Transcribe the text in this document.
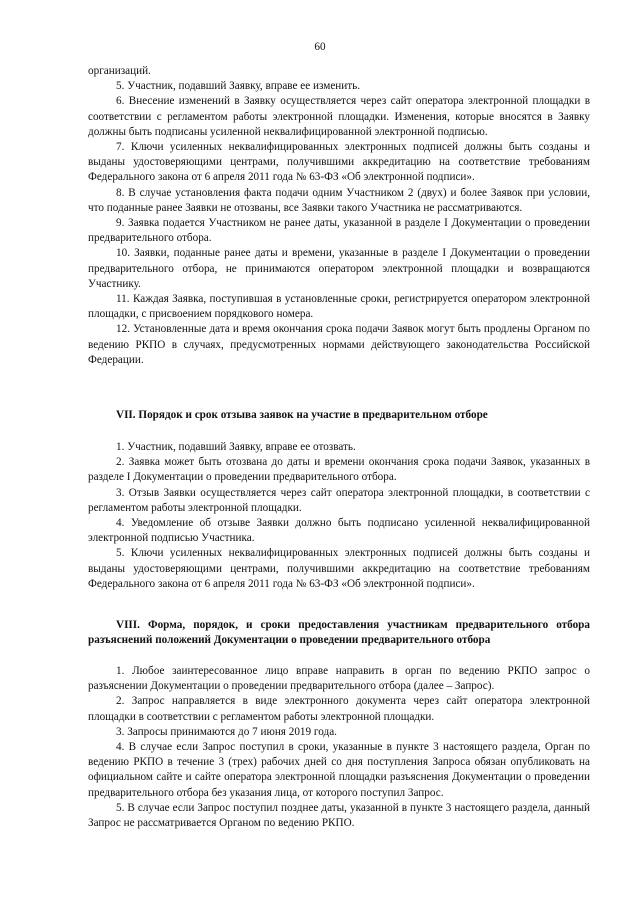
60

организаций.

5. Участник, подавший Заявку, вправе ее изменить.

6. Внесение изменений в Заявку осуществляется через сайт оператора электронной площадки в соответствии с регламентом работы электронной площадки. Изменения, которые вносятся в Заявку должны быть подписаны усиленной неквалифицированной электронной подписью.

7. Ключи усиленных неквалифицированных электронных подписей должны быть созданы и выданы удостоверяющими центрами, получившими аккредитацию на соответствие требованиям Федерального закона от 6 апреля 2011 года № 63-ФЗ «Об электронной подписи».

8. В случае установления факта подачи одним Участником 2 (двух) и более Заявок при условии, что поданные ранее Заявки не отозваны, все Заявки такого Участника не рассматриваются.

9. Заявка подается Участником не ранее даты, указанной в разделе I Документации о проведении предварительного отбора.

10. Заявки, поданные ранее даты и времени, указанные в разделе I Документации о проведении предварительного отбора, не принимаются оператором электронной площадки и возвращаются Участнику.

11. Каждая Заявка, поступившая в установленные сроки, регистрируется оператором электронной площадки, с присвоением порядкового номера.

12. Установленные дата и время окончания срока подачи Заявок могут быть продлены Органом по ведению РКПО в случаях, предусмотренных нормами действующего законодательства Российской Федерации.

VII. Порядок и срок отзыва заявок на участие в предварительном отборе

1. Участник, подавший Заявку, вправе ее отозвать.

2. Заявка может быть отозвана до даты и времени окончания срока подачи Заявок, указанных в разделе I Документации о проведении предварительного отбора.

3. Отзыв Заявки осуществляется через сайт оператора электронной площадки, в соответствии с регламентом работы электронной площадки.

4. Уведомление об отзыве Заявки должно быть подписано усиленной неквалифицированной электронной подписью Участника.

5. Ключи усиленных неквалифицированных электронных подписей должны быть созданы и выданы удостоверяющими центрами, получившими аккредитацию на соответствие требованиям Федерального закона от 6 апреля 2011 года № 63-ФЗ «Об электронной подписи».

VIII. Форма, порядок, и сроки предоставления участникам предварительного отбора разъяснений положений Документации о проведении предварительного отбора

1. Любое заинтересованное лицо вправе направить в орган по ведению РКПО запрос о разъяснении Документации о проведении предварительного отбора (далее – Запрос).

2. Запрос направляется в виде электронного документа через сайт оператора электронной площадки в соответствии с регламентом работы электронной площадки.

3. Запросы принимаются до 7 июня 2019 года.

4. В случае если Запрос поступил в сроки, указанные в пункте 3 настоящего раздела, Орган по ведению РКПО в течение 3 (трех) рабочих дней со дня поступления Запроса обязан опубликовать на официальном сайте и сайте оператора электронной площадки разъяснения Документации о проведении предварительного отбора без указания лица, от которого поступил Запрос.

5. В случае если Запрос поступил позднее даты, указанной в пункте 3 настоящего раздела, данный Запрос не рассматривается Органом по ведению РКПО.
